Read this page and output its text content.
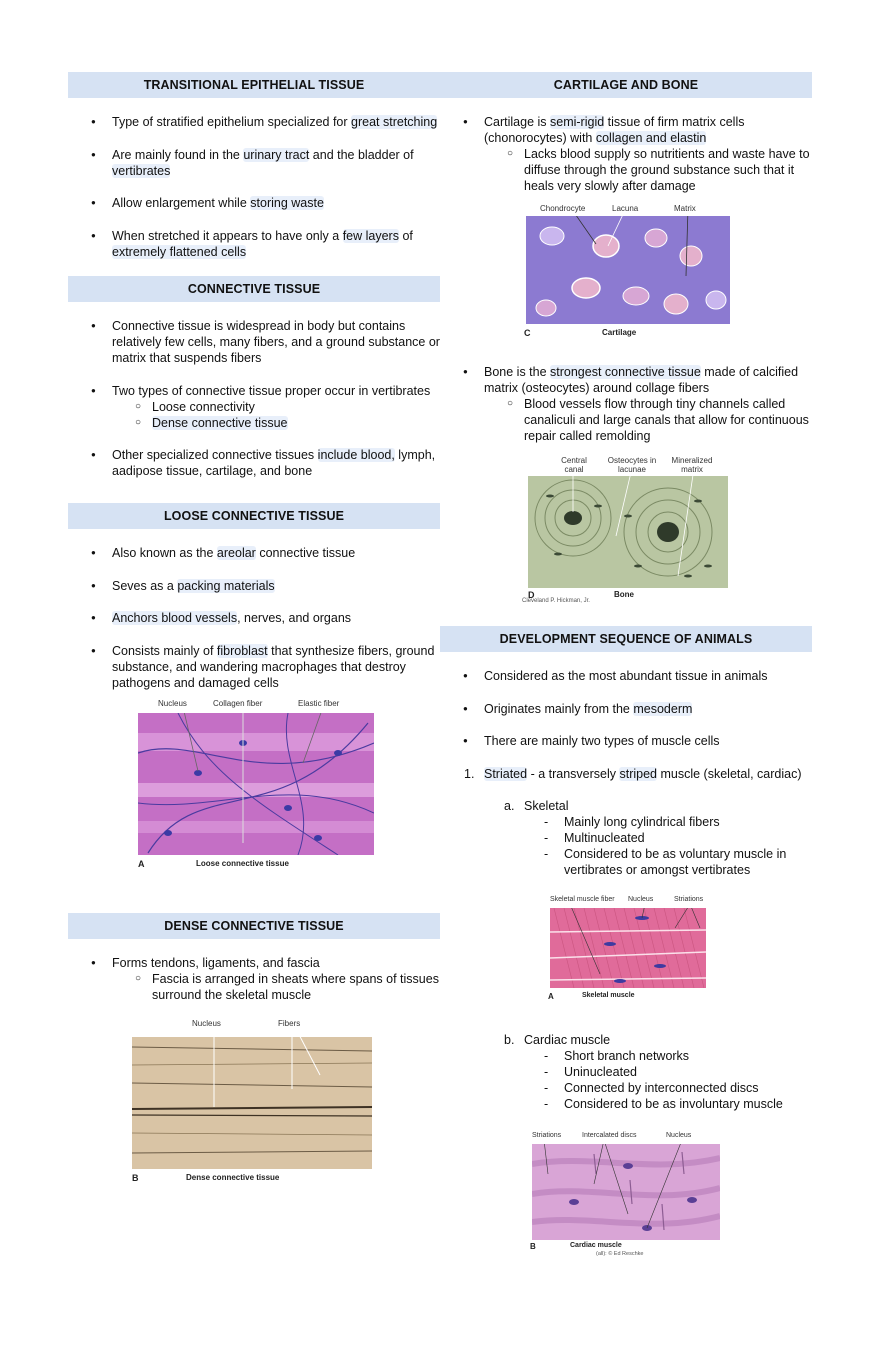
TRANSITIONAL EPITHELIAL TISSUE
● Type of stratified epithelium specialized for great stretching
● Are mainly found in the urinary tract and the bladder of vertibrates
● Allow enlargement while storing waste
● When stretched it appears to have only a few layers of extremely flattened cells
CONNECTIVE TISSUE
● Connective tissue is widespread in body but contains relatively few cells, many fibers, and a ground substance or matrix that suspends fibers
● Two types of connective tissue proper occur in vertibrates
○ Loose connectivity
○ Dense connective tissue
● Other specialized connective tissues include blood, lymph, aadipose tissue, cartilage, and bone
LOOSE CONNECTIVE TISSUE
● Also known as the areolar connective tissue
● Seves as a packing materials
● Anchors blood vessels, nerves, and organs
● Consists mainly of fibroblast that synthesize fibers, ground substance, and wandering macrophages that destroy pathogens and damaged cells
Nucleus	Collagen fiber	Elastic fiber
A	Loose connective tissue
DENSE CONNECTIVE TISSUE
● Forms tendons, ligaments, and fascia
○ Fascia is arranged in sheats where spans of tissues surround the skeletal muscle
Nucleus	Fibers
B	Dense connective tissue
CARTILAGE AND BONE
● Cartilage is semi-rigid tissue of firm matrix cells (chonorocytes) with collagen and elastin
○ Lacks blood supply so nutritients and waste have to diffuse through the ground substance such that it heals very slowly after damage
Chondrocyte	Lacuna	Matrix
C	Cartilage
● Bone is the strongest connective tissue made of calcified matrix (osteocytes) around collage fibers
○ Blood vessels flow through tiny channels called canaliculi and large canals that allow for continuous repair called remolding
Central canal
Osteocytes in lacunae
Mineralized matrix
D	Bone
Cleveland P. Hickman, Jr.
DEVELOPMENT SEQUENCE OF ANIMALS
● Considered as the most abundant tissue in animals
● Originates mainly from the mesoderm
● There are mainly two types of muscle cells
1. Striated - a transversely striped muscle (skeletal, cardiac)
a. Skeletal
- Mainly long cylindrical fibers
- Multinucleated
- Considered to be as voluntary muscle in vertibrates or amongst vertibrates
Skeletal muscle fiber Nucleus	Striations
A	Skeletal muscle
b. Cardiac muscle
- Short branch networks
- Uninucleated
- Connected by interconnected discs
- Considered to be as involuntary muscle
Striations	Intercalated discs	Nucleus
B	Cardiac muscle
(all): © Ed Reschke
